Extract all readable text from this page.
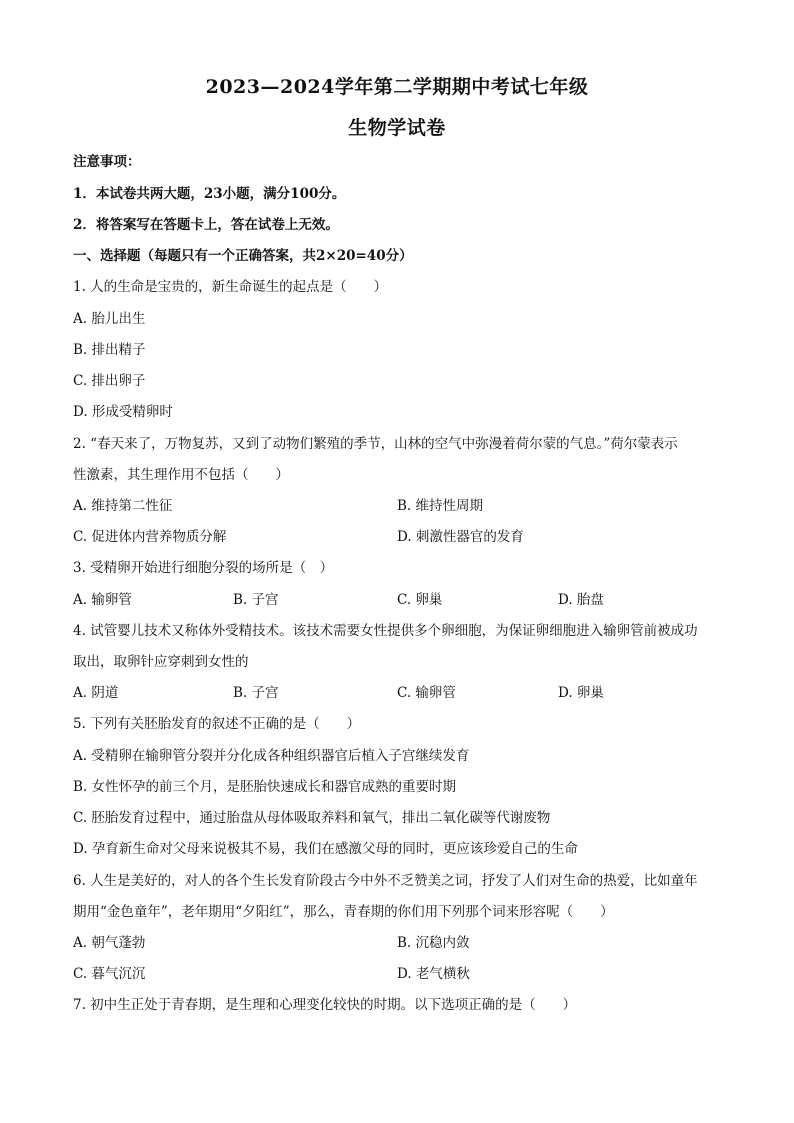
2023—2024学年第二学期期中考试七年级
生物学试卷
注意事项：
1．本试卷共两大题，23小题，满分100分。
2．将答案写在答题卡上，答在试卷上无效。
一、选择题（每题只有一个正确答案，共2×20=40分）
1. 人的生命是宝贵的，新生命诞生的起点是（　　）
A. 胎儿出生
B. 排出精子
C. 排出卵子
D. 形成受精卵时
2. “春天来了，万物复苏，又到了动物们繁殖的季节，山林的空气中弥漫着荷尔蒙的气息。”荷尔蒙表示
性激素，其生理作用不包括（　　）
A. 维持第二性征	B. 维持性周期
C. 促进体内营养物质分解	D. 刺激性器官的发育
3. 受精卵开始进行细胞分裂的场所是（　）
A. 输卵管	B. 子宫	C. 卵巢	D. 胎盘
4. 试管婴儿技术又称体外受精技术。该技术需要女性提供多个卵细胞，为保证卵细胞进入输卵管前被成功
取出，取卵针应穿刺到女性的
A. 阴道	B. 子宫	C. 输卵管	D. 卵巢
5. 下列有关胚胎发育的叙述不正确的是（　　）
A. 受精卵在输卵管分裂并分化成各种组织器官后植入子宫继续发育
B. 女性怀孕的前三个月，是胚胎快速成长和器官成熟的重要时期
C. 胚胎发育过程中，通过胎盘从母体吸取养料和氧气，排出二氧化碳等代谢废物
D. 孕育新生命对父母来说极其不易，我们在感激父母的同时，更应该珍爱自己的生命
6. 人生是美好的，对人的各个生长发育阶段古今中外不乏赞美之词，抒发了人们对生命的热爱，比如童年
期用“金色童年”，老年期用“夕阳红”，那么，青春期的你们用下列那个词来形容呢（　　）
A. 朝气蓬勃	B. 沉稳内敛
C. 暮气沉沉	D. 老气横秋
7. 初中生正处于青春期，是生理和心理变化较快的时期。以下选项正确的是（　　）
